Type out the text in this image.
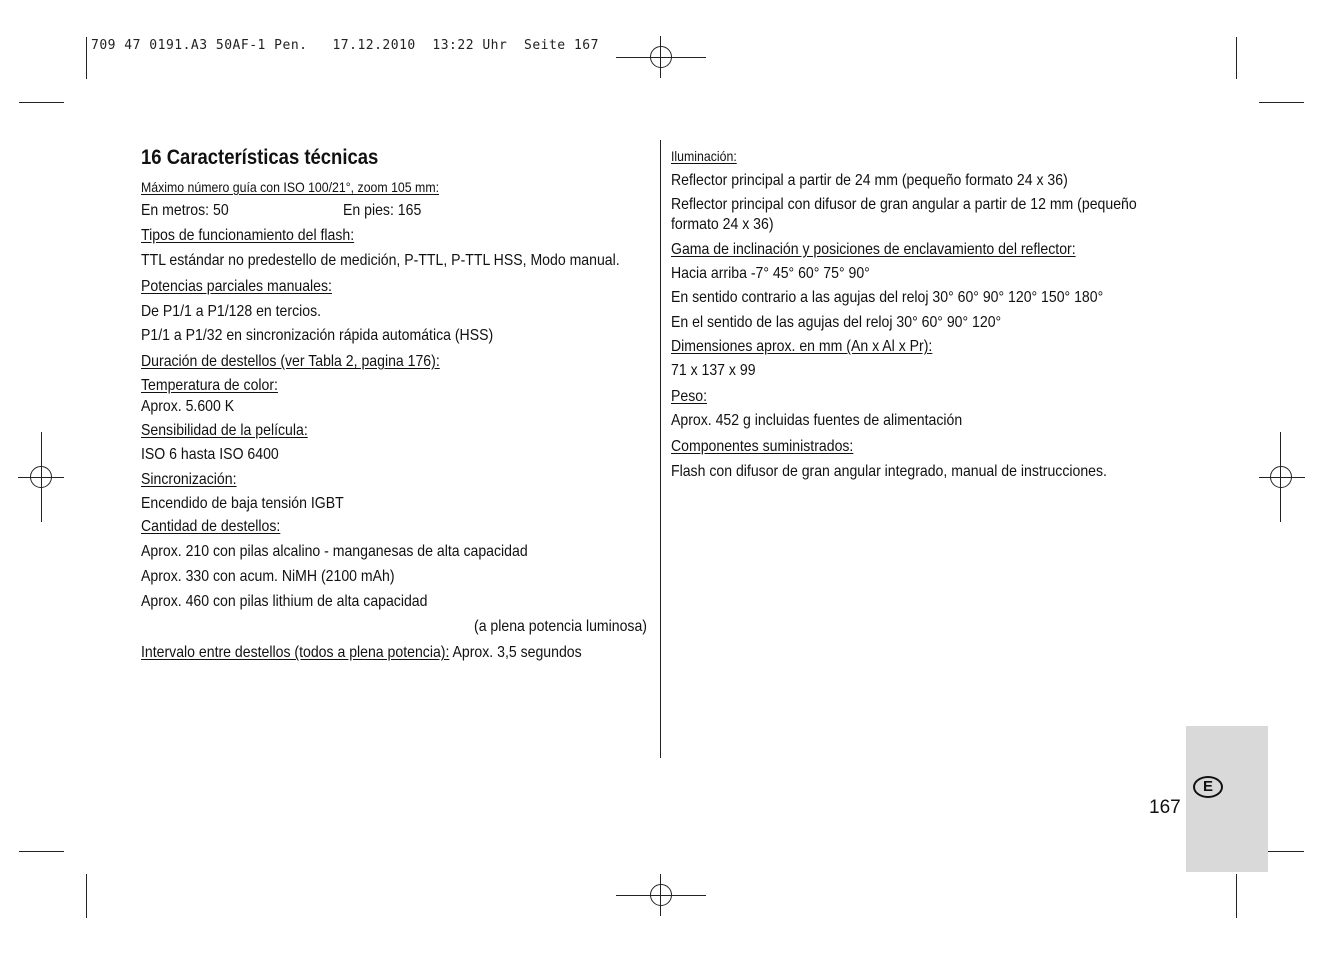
709 47 0191.A3 50AF-1 Pen.   17.12.2010  13:22 Uhr  Seite 167
16 Características técnicas
Máximo número guía con ISO 100/21°, zoom 105 mm:
En metros: 50	En pies: 165
Tipos de funcionamiento del flash:
TTL estándar no predestello de medición, P-TTL, P-TTL HSS, Modo manual.
Potencias parciales manuales:
De P1/1 a P1/128 en tercios.
P1/1 a P1/32 en sincronización rápida automática (HSS)
Duración de destellos (ver Tabla 2, pagina 176):
Temperatura de color:
Aprox. 5.600 K
Sensibilidad de la película:
ISO 6 hasta ISO 6400
Sincronización:
Encendido de baja tensión IGBT
Cantidad de destellos:
Aprox. 210 con pilas alcalino - manganesas de alta capacidad
Aprox. 330 con acum. NiMH (2100 mAh)
Aprox. 460 con pilas lithium de alta capacidad
(a plena potencia luminosa)
Intervalo entre destellos (todos a plena potencia): Aprox. 3,5 segundos
Iluminación:
Reflector principal a partir de 24 mm (pequeño formato 24 x 36)
Reflector principal con difusor de gran angular a partir de 12 mm (pequeño
formato 24 x 36)
Gama de inclinación y posiciones de enclavamiento del reflector:
Hacia arriba -7° 45° 60° 75° 90°
En sentido contrario a las agujas del reloj 30° 60° 90° 120° 150° 180°
En el sentido de las agujas del reloj 30° 60° 90° 120°
Dimensiones aprox. en mm (An x Al x Pr):
71 x 137 x 99
Peso:
Aprox. 452 g incluidas fuentes de alimentación
Componentes suministrados:
Flash con difusor de gran angular integrado, manual de instrucciones.
E
167
